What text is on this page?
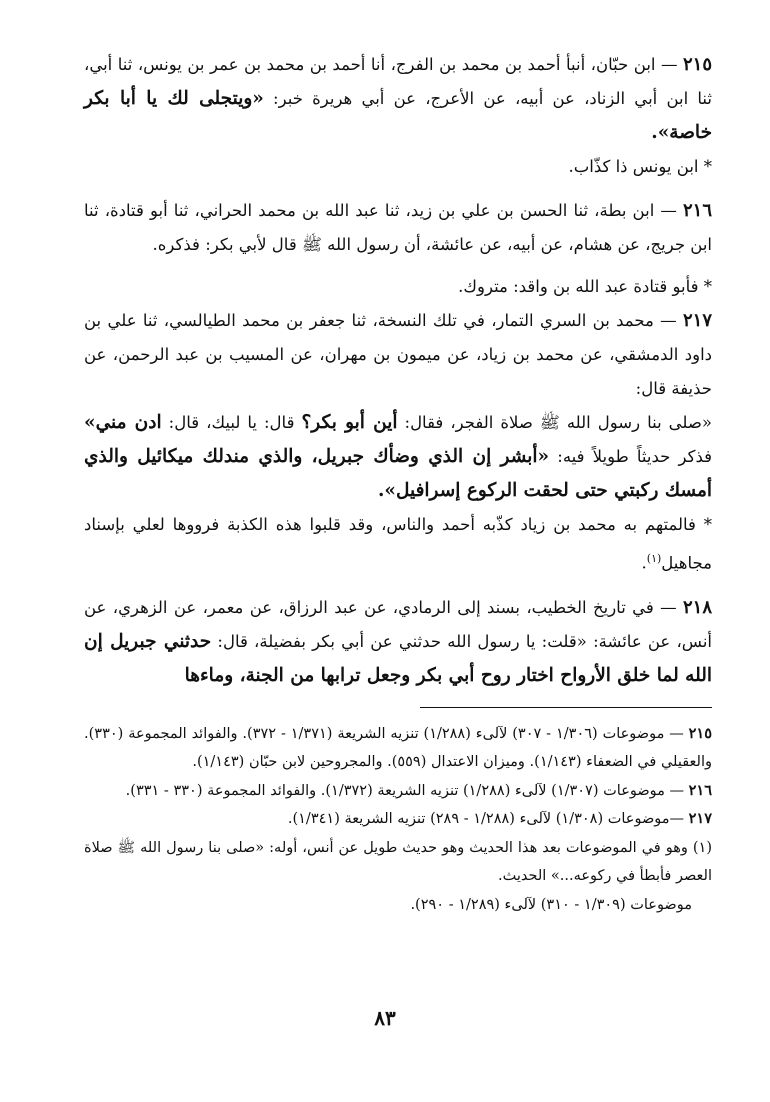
٢١٥ — ابن حبّان، أنبأ أحمد بن محمد بن الفرج، أنا أحمد بن محمد بن عمر بن يونس، ثنا أبي، ثنا ابن أبي الزناد، عن أبيه، عن الأعرج، عن أبي هريرة خبر: «ويتجلى لك يا أبا بكر خاصة».

* ابن يونس ذا كذّاب.

٢١٦ — ابن بطة، ثنا الحسن بن علي بن زيد، ثنا عبد الله بن محمد الحراني، ثنا أبو قتادة، ثنا ابن جريج، عن هشام، عن أبيه، عن عائشة، أن رسول الله ﷺ قال لأبي بكر: فذكره.

* فأبو قتادة عبد الله بن واقد: متروك.

٢١٧ — محمد بن السري التمار، في تلك النسخة، ثنا جعفر بن محمد الطيالسي، ثنا علي بن داود الدمشقي، عن محمد بن زياد، عن ميمون بن مهران، عن المسيب بن عبد الرحمن، عن حذيفة قال:

«صلى بنا رسول الله ﷺ صلاة الفجر، فقال: أين أبو بكر؟ قال: يا لبيك، قال: ادن مني» فذكر حديثاً طويلاً فيه: «أبشر إن الذي وضأك جبريل، والذي مندلك ميكائيل والذي أمسك ركبتي حتى لحقت الركوع إسرافيل».

* فالمتهم به محمد بن زياد كذّبه أحمد والناس، وقد قلبوا هذه الكذبة فرووها لعلي بإسناد مجاهيل$^{(١)}$.

٢١٨ — في تاريخ الخطيب، بسند إلى الرمادي، عن عبد الرزاق، عن معمر، عن الزهري، عن أنس، عن عائشة: «قلت: يا رسول الله حدثني عن أبي بكر بفضيلة، قال: حدثني جبريل إن الله لما خلق الأرواح اختار روح أبي بكر وجعل ترابها من الجنة، وماءها

٢١٥ — موضوعات (١/٣٠٦ - ٣٠٧) لآلىء (١/٢٨٨) تنزيه الشريعة (١/٣٧١ - ٣٧٢). والفوائد المجموعة (٣٣٠). والعقيلي في الضعفاء (١/١٤٣). وميزان الاعتدال (٥٥٩). والمجروحين لابن حبّان (١/١٤٣).

٢١٦ — موضوعات (١/٣٠٧) لآلىء (١/٢٨٨) تنزيه الشريعة (١/٣٧٢). والفوائد المجموعة (٣٣٠ - ٣٣١).

٢١٧ —موضوعات (١/٣٠٨) لآلىء (١/٢٨٨ - ٢٨٩) تنزيه الشريعة (١/٣٤١).

(١) وهو في الموضوعات بعد هذا الحديث وهو حديث طويل عن أنس، أوله: «صلى بنا رسول الله ﷺ صلاة العصر فأبطأ في ركوعه...» الحديث.

موضوعات (١/٣٠٩ - ٣١٠) لآلىء (١/٢٨٩ - ٢٩٠).

٨٣
